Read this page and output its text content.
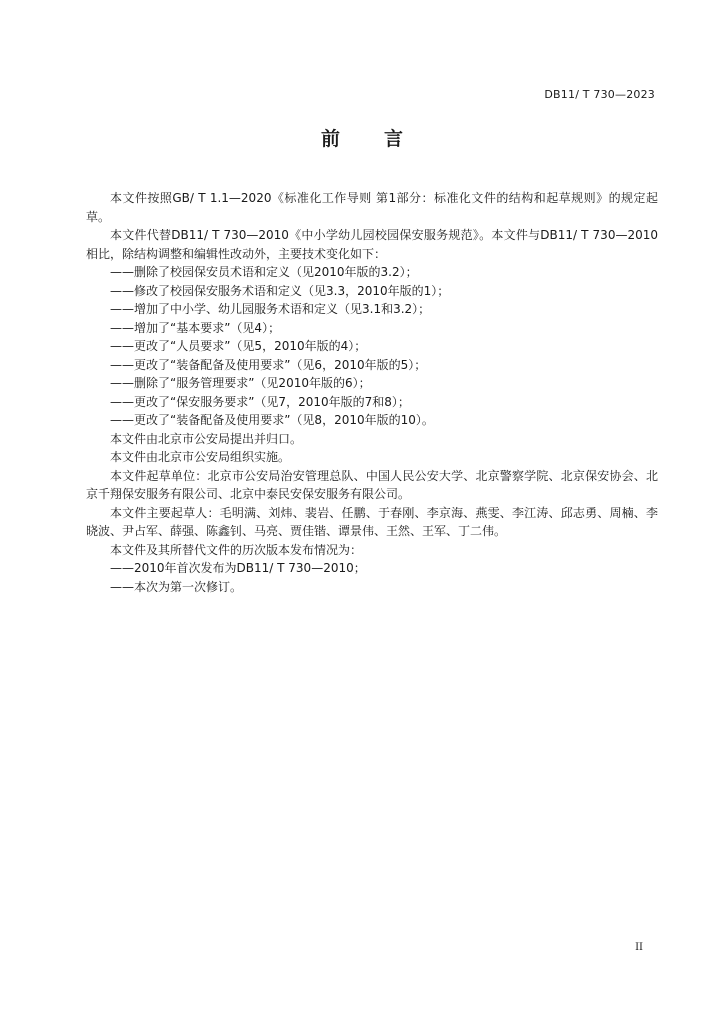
DB11/ T 730—2023
前言

本文件按照GB/ T 1.1—2020《标准化工作导则 第1部分：标准化文件的结构和起草规则》的规定起草。

本文件代替DB11/ T 730—2010《中小学幼儿园校园保安服务规范》。本文件与DB11/ T 730—2010相比，除结构调整和编辑性改动外，主要技术变化如下：

——删除了校园保安员术语和定义（见2010年版的3.2）；

——修改了校园保安服务术语和定义（见3.3，2010年版的1）；

——增加了中小学、幼儿园服务术语和定义（见3.1和3.2）；

——增加了“基本要求”（见4）；

——更改了“人员要求”（见5，2010年版的4）；

——更改了“装备配备及使用要求”（见6，2010年版的5）；

——删除了“服务管理要求”（见2010年版的6）；

——更改了“保安服务要求”（见7，2010年版的7和8）；

——更改了“装备配备及使用要求”（见8，2010年版的10）。

本文件由北京市公安局提出并归口。

本文件由北京市公安局组织实施。

本文件起草单位：北京市公安局治安管理总队、中国人民公安大学、北京警察学院、北京保安协会、北京千翔保安服务有限公司、北京中泰民安保安服务有限公司。

本文件主要起草人：毛明满、刘炜、裴岩、任鹏、于春刚、李京海、燕雯、李江涛、邱志勇、周楠、李晓波、尹占军、薛强、陈鑫钊、马亮、贾佳锴、谭景伟、王然、王军、丁二伟。

本文件及其所替代文件的历次版本发布情况为：

——2010年首次发布为DB11/ T 730—2010；

——本次为第一次修订。

II
